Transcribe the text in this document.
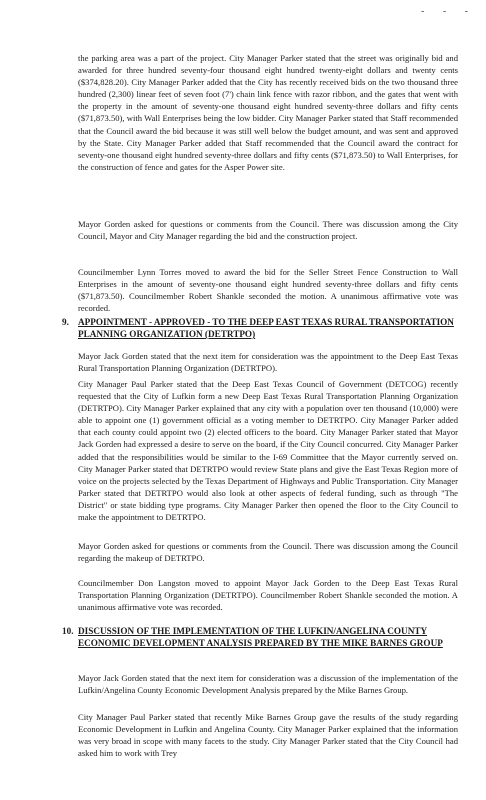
- - -

the parking area was a part of the project. City Manager Parker stated that the street was originally bid and awarded for three hundred seventy-four thousand eight hundred twenty-eight dollars and twenty cents ($374,828.20). City Manager Parker added that the City has recently received bids on the two thousand three hundred (2,300) linear feet of seven foot (7') chain link fence with razor ribbon, and the gates that went with the property in the amount of seventy-one thousand eight hundred seventy-three dollars and fifty cents ($71,873.50), with Wall Enterprises being the low bidder. City Manager Parker stated that Staff recommended that the Council award the bid because it was still well below the budget amount, and was sent and approved by the State. City Manager Parker added that Staff recommended that the Council award the contract for seventy-one thousand eight hundred seventy-three dollars and fifty cents ($71,873.50) to Wall Enterprises, for the construction of fence and gates for the Asper Power site.

Mayor Gorden asked for questions or comments from the Council. There was discussion among the City Council, Mayor and City Manager regarding the bid and the construction project.

Councilmember Lynn Torres moved to award the bid for the Seller Street Fence Construction to Wall Enterprises in the amount of seventy-one thousand eight hundred seventy-three dollars and fifty cents ($71,873.50). Councilmember Robert Shankle seconded the motion. A unanimous affirmative vote was recorded.

9. APPOINTMENT - APPROVED - TO THE DEEP EAST TEXAS RURAL TRANSPORTATION PLANNING ORGANIZATION (DETRTPO)

Mayor Jack Gorden stated that the next item for consideration was the appointment to the Deep East Texas Rural Transportation Planning Organization (DETRTPO).

City Manager Paul Parker stated that the Deep East Texas Council of Government (DETCOG) recently requested that the City of Lufkin form a new Deep East Texas Rural Transportation Planning Organization (DETRTPO). City Manager Parker explained that any city with a population over ten thousand (10,000) were able to appoint one (1) government official as a voting member to DETRTPO. City Manager Parker added that each county could appoint two (2) elected officers to the board. City Manager Parker stated that Mayor Jack Gorden had expressed a desire to serve on the board, if the City Council concurred. City Manager Parker added that the responsibilities would be similar to the I-69 Committee that the Mayor currently served on. City Manager Parker stated that DETRTPO would review State plans and give the East Texas Region more of voice on the projects selected by the Texas Department of Highways and Public Transportation. City Manager Parker stated that DETRTPO would also look at other aspects of federal funding, such as through "The District" or state bidding type programs. City Manager Parker then opened the floor to the City Council to make the appointment to DETRTPO.

Mayor Gorden asked for questions or comments from the Council. There was discussion among the Council regarding the makeup of DETRTPO.

Councilmember Don Langston moved to appoint Mayor Jack Gorden to the Deep East Texas Rural Transportation Planning Organization (DETRTPO). Councilmember Robert Shankle seconded the motion. A unanimous affirmative vote was recorded.

10. DISCUSSION OF THE IMPLEMENTATION OF THE LUFKIN/ANGELINA COUNTY ECONOMIC DEVELOPMENT ANALYSIS PREPARED BY THE MIKE BARNES GROUP

Mayor Jack Gorden stated that the next item for consideration was a discussion of the implementation of the Lufkin/Angelina County Economic Development Analysis prepared by the Mike Barnes Group.

City Manager Paul Parker stated that recently Mike Barnes Group gave the results of the study regarding Economic Development in Lufkin and Angelina County. City Manager Parker explained that the information was very broad in scope with many facets to the study. City Manager Parker stated that the City Council had asked him to work with Trey
